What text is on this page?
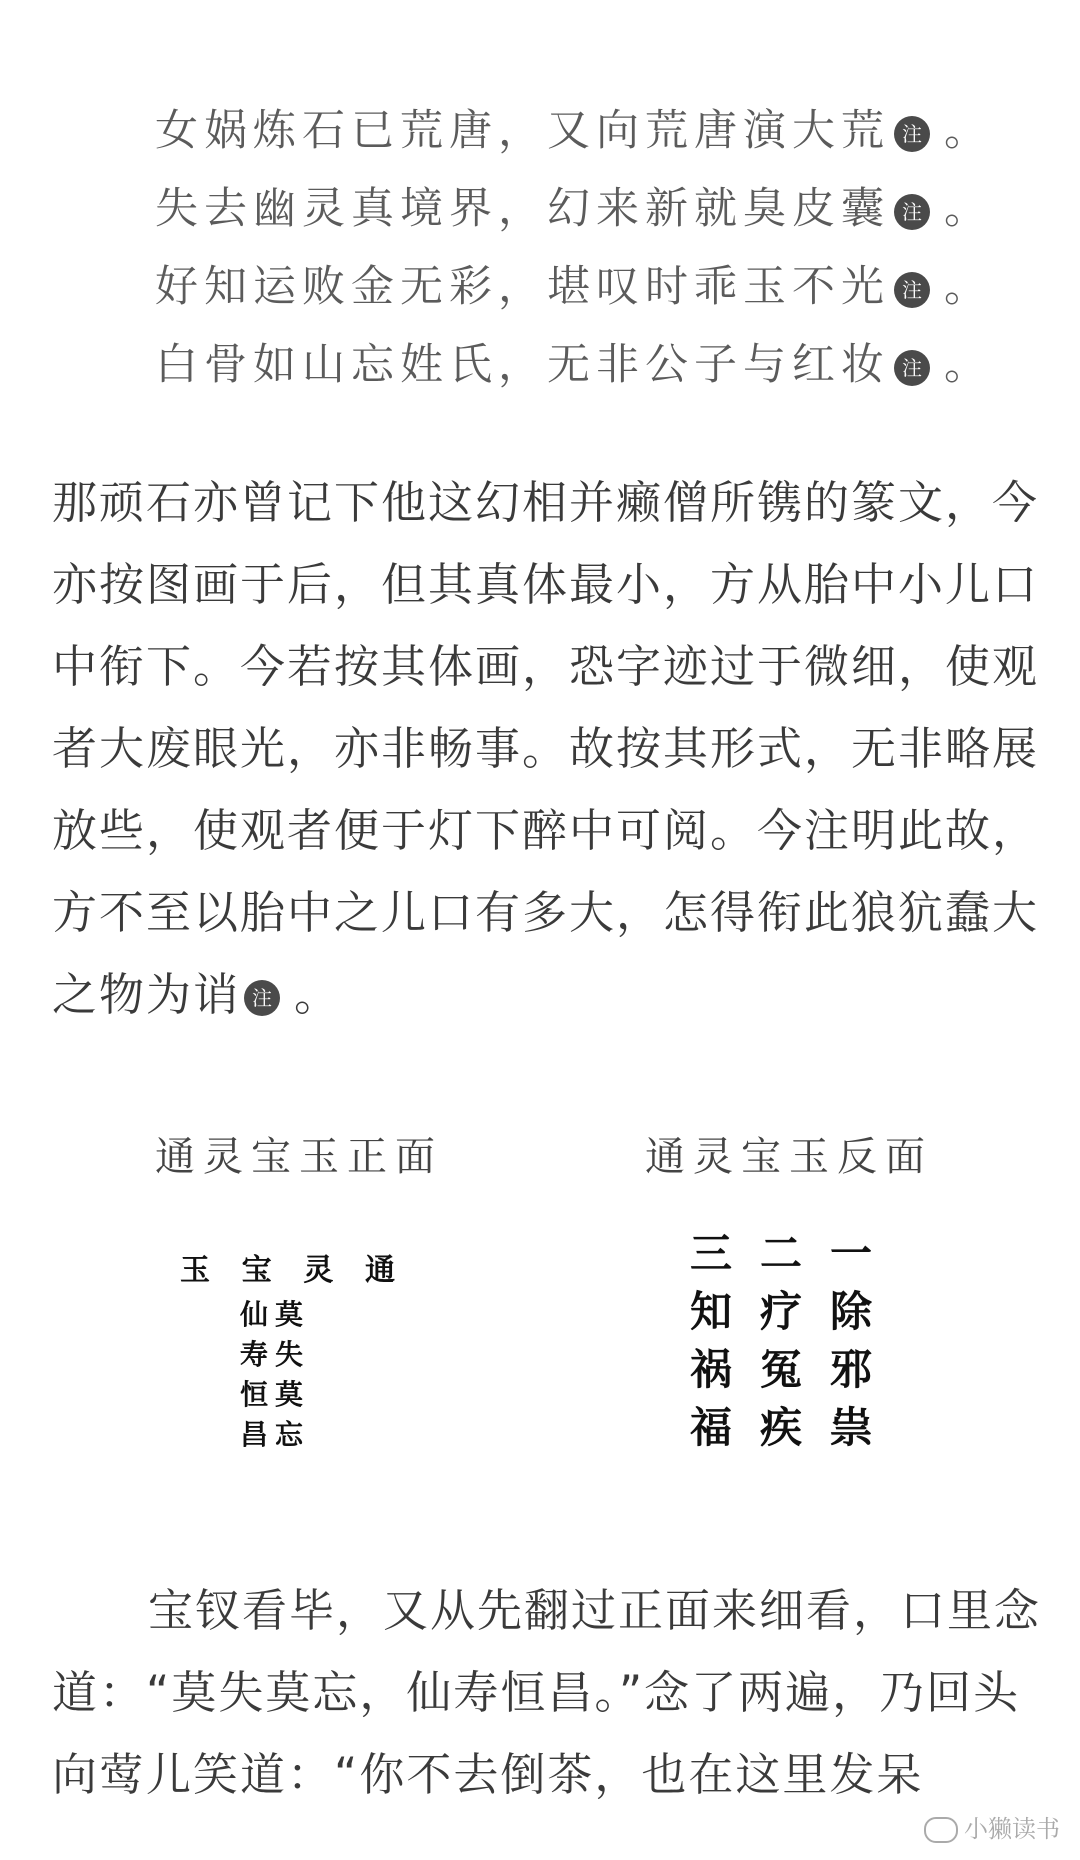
女娲炼石已荒唐，又向荒唐演大荒 注 。
失去幽灵真境界，幻来新就臭皮囊 注 。
好知运败金无彩，堪叹时乖玉不光 注 。
白骨如山忘姓氏，无非公子与红妆 注 。
那顽石亦曾记下他这幻相并癞僧所镌的篆文，今亦按图画于后，但其真体最小，方从胎中小儿口中衔下。今若按其体画，恐字迹过于微细，使观者大废眼光，亦非畅事。故按其形式，无非略展放些，使观者便于灯下醉中可阅。今注明此故，方不至以胎中之儿口有多大，怎得衔此狼犺蠢大之物为诮 注 。
通灵宝玉正面	通灵宝玉反面
通
灵
宝
玉
莫
失
莫
忘
仙
寿
恒
昌
一
除
邪
祟
二
疗
冤
疾
三
知
祸
福
宝钗看毕，又从先翻过正面来细看，口里念道：“莫失莫忘，仙寿恒昌。”念了两遍，乃回头向莺儿笑道：“你不去倒茶，也在这里发呆
小獭读书
